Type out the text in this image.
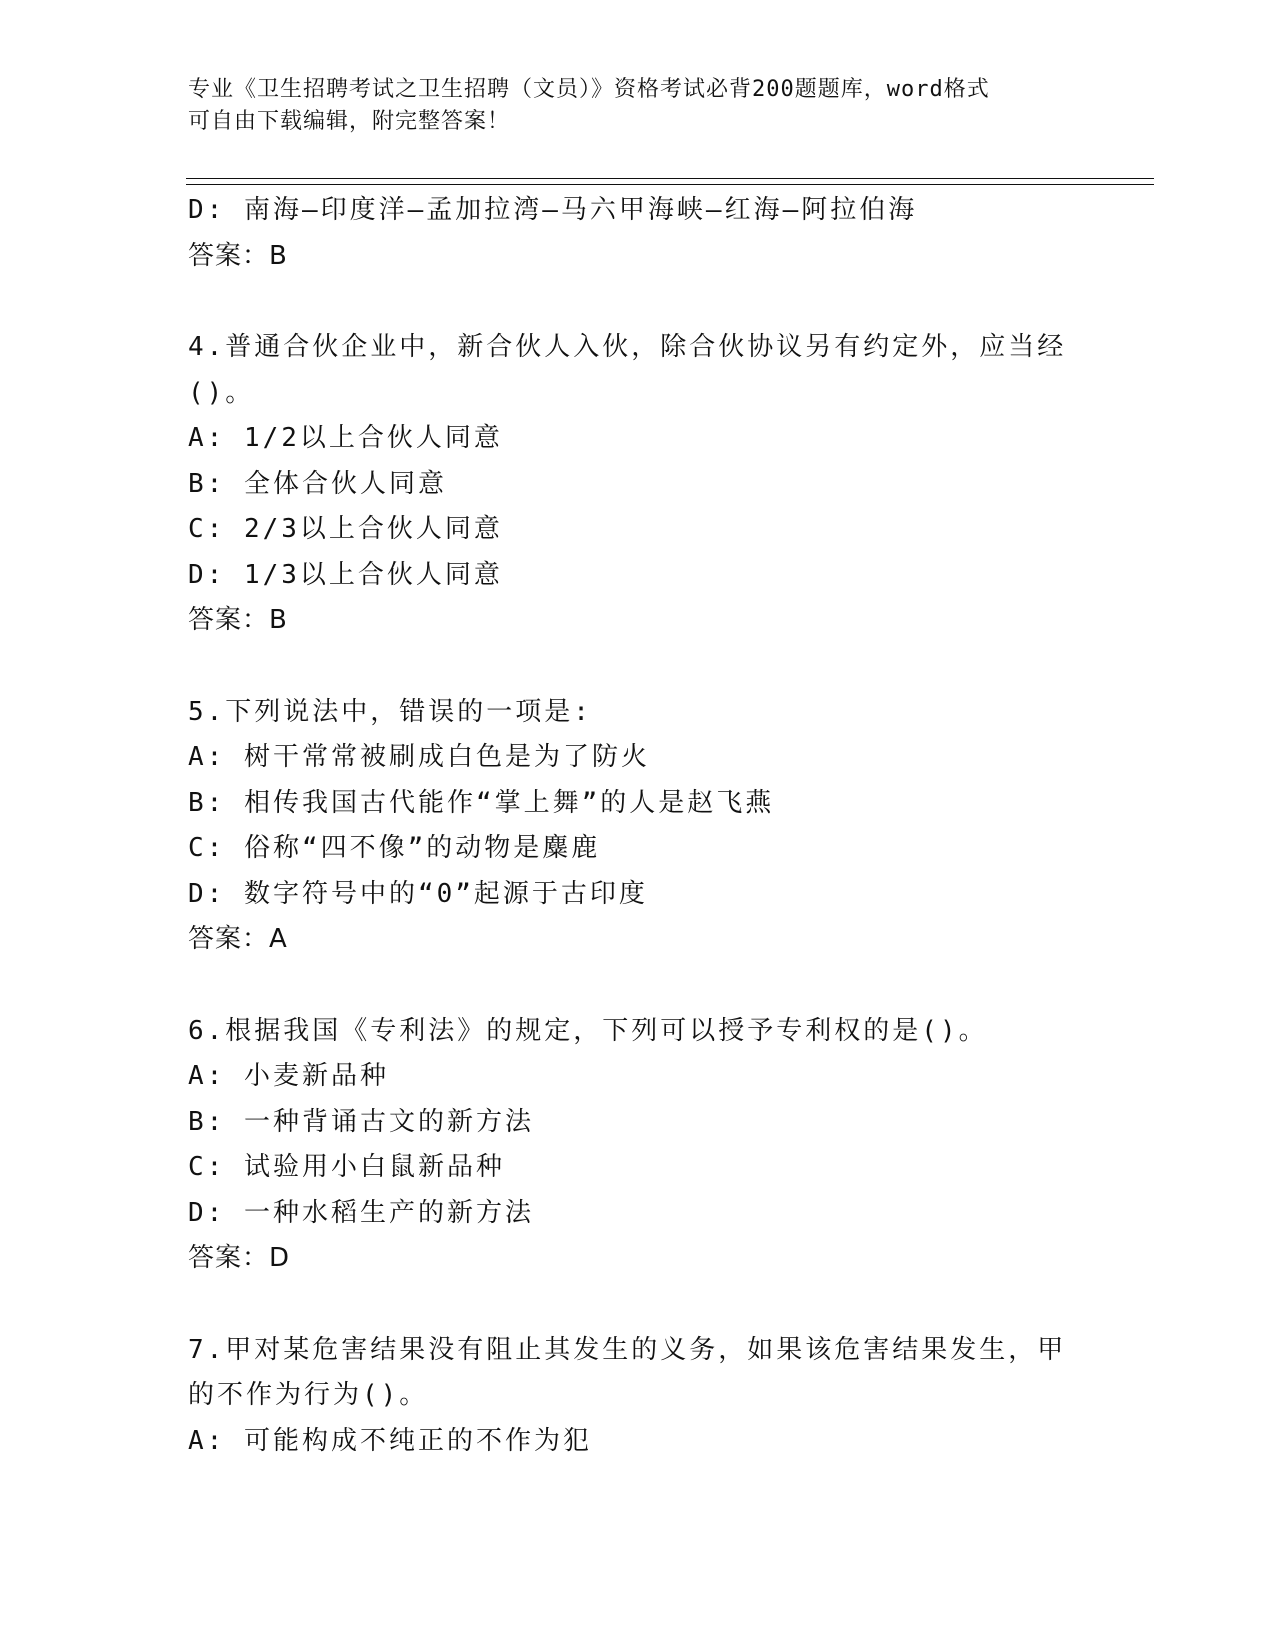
专业《卫生招聘考试之卫生招聘（文员）》资格考试必背200题题库，word格式
可自由下载编辑，附完整答案！
D: 南海—印度洋—孟加拉湾—马六甲海峡—红海—阿拉伯海
答案：B
4.普通合伙企业中，新合伙人入伙，除合伙协议另有约定外，应当经
()。
A: 1/2以上合伙人同意
B: 全体合伙人同意
C: 2/3以上合伙人同意
D: 1/3以上合伙人同意
答案：B
5.下列说法中，错误的一项是:
A: 树干常常被刷成白色是为了防火
B: 相传我国古代能作“掌上舞”的人是赵飞燕
C: 俗称“四不像”的动物是麋鹿
D: 数字符号中的“0”起源于古印度
答案：A
6.根据我国《专利法》的规定，下列可以授予专利权的是()。
A: 小麦新品种
B: 一种背诵古文的新方法
C: 试验用小白鼠新品种
D: 一种水稻生产的新方法
答案：D
7.甲对某危害结果没有阻止其发生的义务，如果该危害结果发生，甲
的不作为行为()。
A: 可能构成不纯正的不作为犯
